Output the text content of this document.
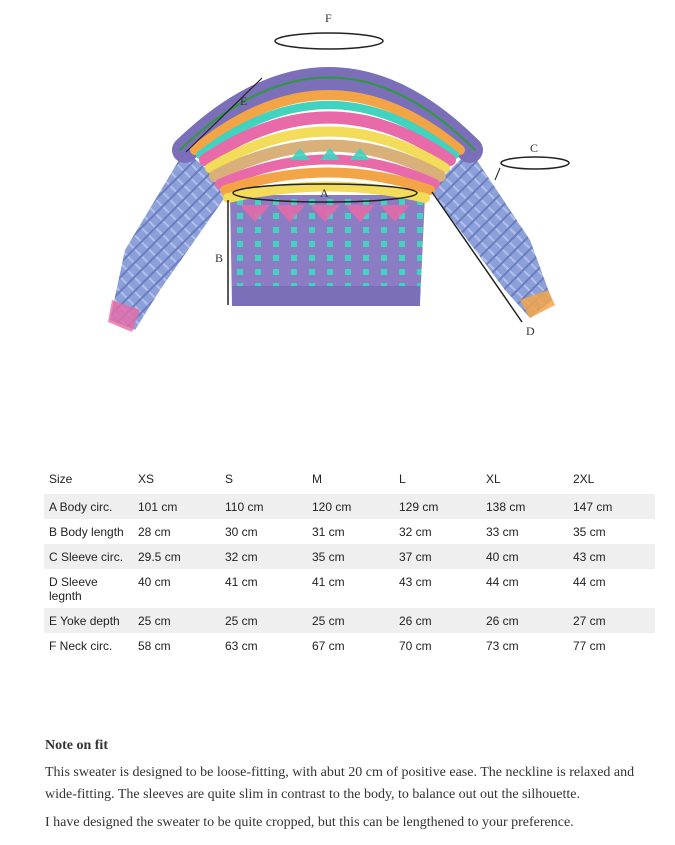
F
E
C
A
B
D
Size	XS	S	M	L	XL	2XL
A Body circ.	101 cm	110 cm	120 cm	129 cm	138 cm	147 cm
B Body length	28 cm	30 cm	31 cm	32 cm	33 cm	35 cm
C Sleeve circ.	29.5 cm	32 cm	35 cm	37 cm	40 cm	43 cm
D Sleeve legnth	40 cm	41 cm	41 cm	43 cm	44 cm	44 cm
E Yoke depth	25 cm	25 cm	25 cm	26 cm	26 cm	27 cm
F Neck circ.	58 cm	63 cm	67 cm	70 cm	73 cm	77 cm
Note on fit

This sweater is designed to be loose-fitting, with abut 20 cm of positive ease. The neckline is relaxed and wide-fitting. The sleeves are quite slim in contrast to the body, to balance out out the silhouette.

I have designed the sweater to be quite cropped, but this can be lengthened to your preference.
